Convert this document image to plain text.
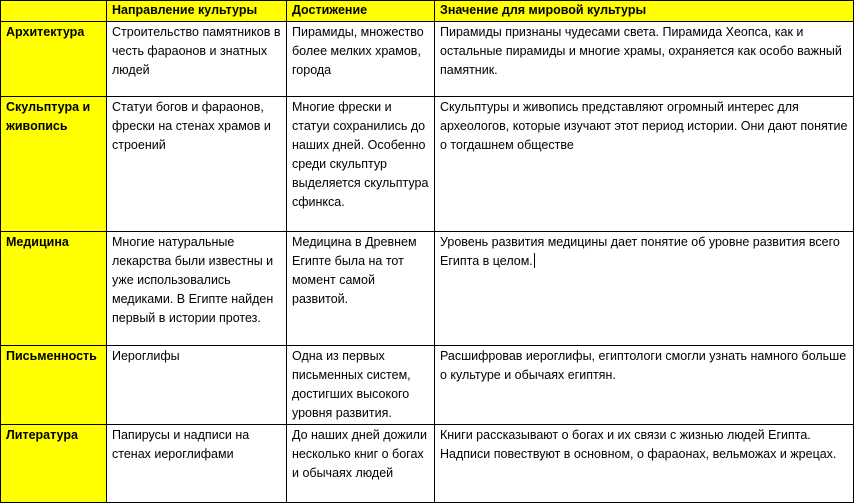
	Направление культуры	Достижение	Значение для мировой культуры
Архитектура	Строительство памятников в честь фараонов и знатных людей	Пирамиды, множество более мелких храмов, города	Пирамиды признаны чудесами света. Пирамида Хеопса, как и остальные пирамиды и многие храмы, охраняется как особо важный памятник.
Скульптура и живопись	Статуи богов и фараонов, фрески на стенах храмов и строений	Многие фрески и статуи сохранились до наших дней. Особенно среди скульптур выделяется скульптура сфинкса.	Скульптуры и живопись представляют огромный интерес для археологов, которые изучают этот период истории. Они дают понятие о тогдашнем обществе
Медицина	Многие натуральные лекарства были известны и уже использовались медиками. В Египте найден первый в истории протез.	Медицина в Древнем Египте была на тот момент самой развитой.	Уровень развития медицины дает понятие об уровне развития всего Египта в целом.
Письменность	Иероглифы	Одна из первых письменных систем, достигших высокого уровня развития.	Расшифровав иероглифы, египтологи смогли узнать намного больше о культуре и обычаях египтян.
Литература	Папирусы и надписи на стенах иероглифами	До наших дней дожили несколько книг о богах и обычаях людей	Книги рассказывают о богах и их связи с жизнью людей Египта. Надписи повествуют в основном, о фараонах, вельможах и жрецах.
